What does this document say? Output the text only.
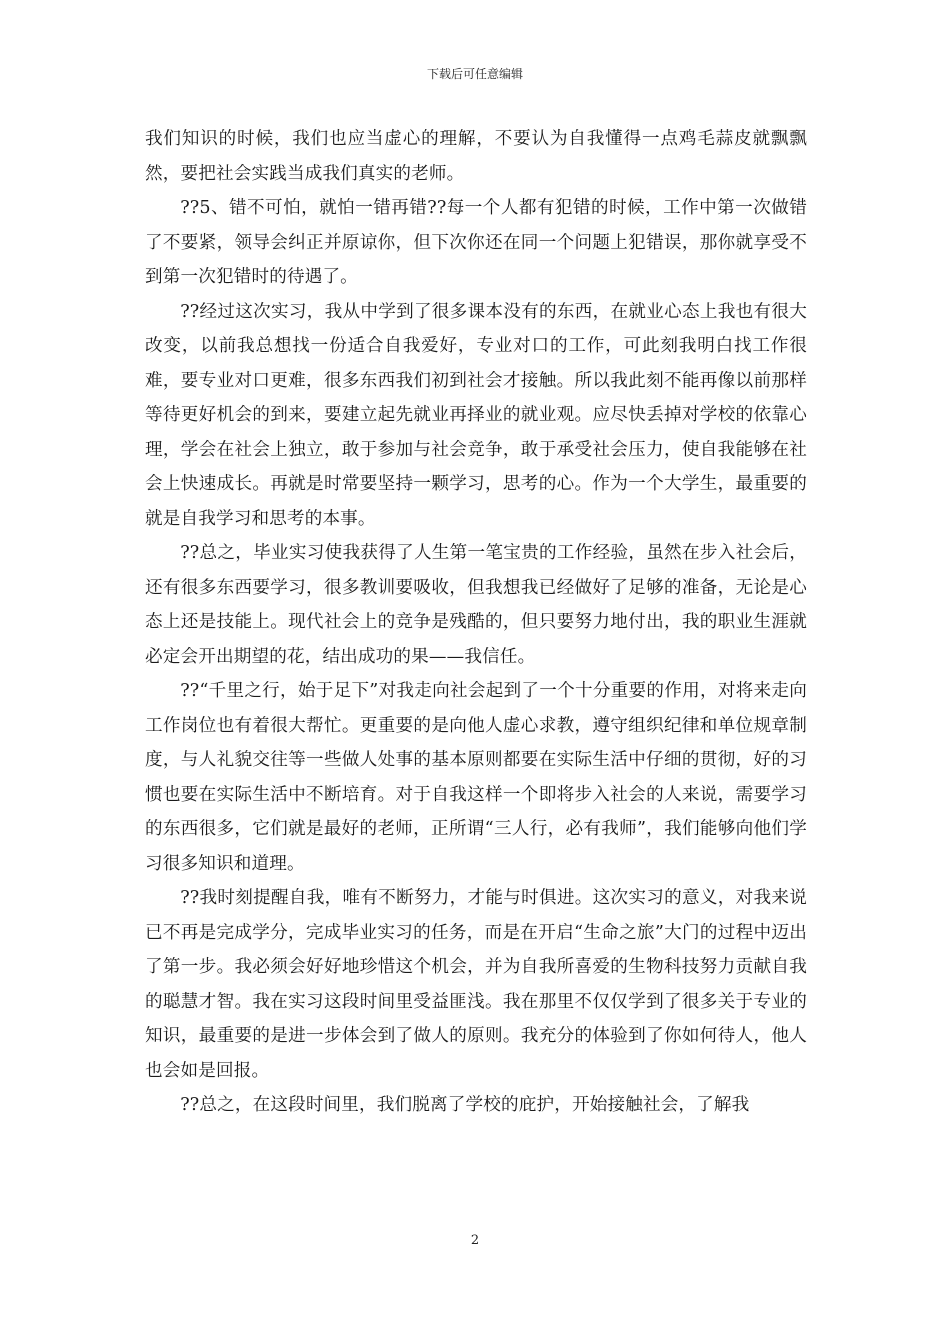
下载后可任意编辑

我们知识的时候，我们也应当虚心的理解，不要认为自我懂得一点鸡毛蒜皮就飘飘然，要把社会实践当成我们真实的老师。

??5、错不可怕，就怕一错再错??每一个人都有犯错的时候，工作中第一次做错了不要紧，领导会纠正并原谅你，但下次你还在同一个问题上犯错误，那你就享受不到第一次犯错时的待遇了。

??经过这次实习，我从中学到了很多课本没有的东西，在就业心态上我也有很大改变，以前我总想找一份适合自我爱好，专业对口的工作，可此刻我明白找工作很难，要专业对口更难，很多东西我们初到社会才接触。所以我此刻不能再像以前那样等待更好机会的到来，要建立起先就业再择业的就业观。应尽快丢掉对学校的依靠心理，学会在社会上独立，敢于参加与社会竞争，敢于承受社会压力，使自我能够在社会上快速成长。再就是时常要坚持一颗学习，思考的心。作为一个大学生，最重要的就是自我学习和思考的本事。

??总之，毕业实习使我获得了人生第一笔宝贵的工作经验，虽然在步入社会后，还有很多东西要学习，很多教训要吸收，但我想我已经做好了足够的准备，无论是心态上还是技能上。现代社会上的竞争是残酷的，但只要努力地付出，我的职业生涯就必定会开出期望的花，结出成功的果——我信任。

??“千里之行，始于足下”对我走向社会起到了一个十分重要的作用，对将来走向工作岗位也有着很大帮忙。更重要的是向他人虚心求教，遵守组织纪律和单位规章制度，与人礼貌交往等一些做人处事的基本原则都要在实际生活中仔细的贯彻，好的习惯也要在实际生活中不断培育。对于自我这样一个即将步入社会的人来说，需要学习的东西很多，它们就是最好的老师，正所谓“三人行，必有我师”，我们能够向他们学习很多知识和道理。

??我时刻提醒自我，唯有不断努力，才能与时俱进。这次实习的意义，对我来说已不再是完成学分，完成毕业实习的任务，而是在开启“生命之旅”大门的过程中迈出了第一步。我必须会好好地珍惜这个机会，并为自我所喜爱的生物科技努力贡献自我的聪慧才智。我在实习这段时间里受益匪浅。我在那里不仅仅学到了很多关于专业的知识，最重要的是进一步体会到了做人的原则。我充分的体验到了你如何待人，他人也会如是回报。

??总之，在这段时间里，我们脱离了学校的庇护，开始接触社会，了解我

2
